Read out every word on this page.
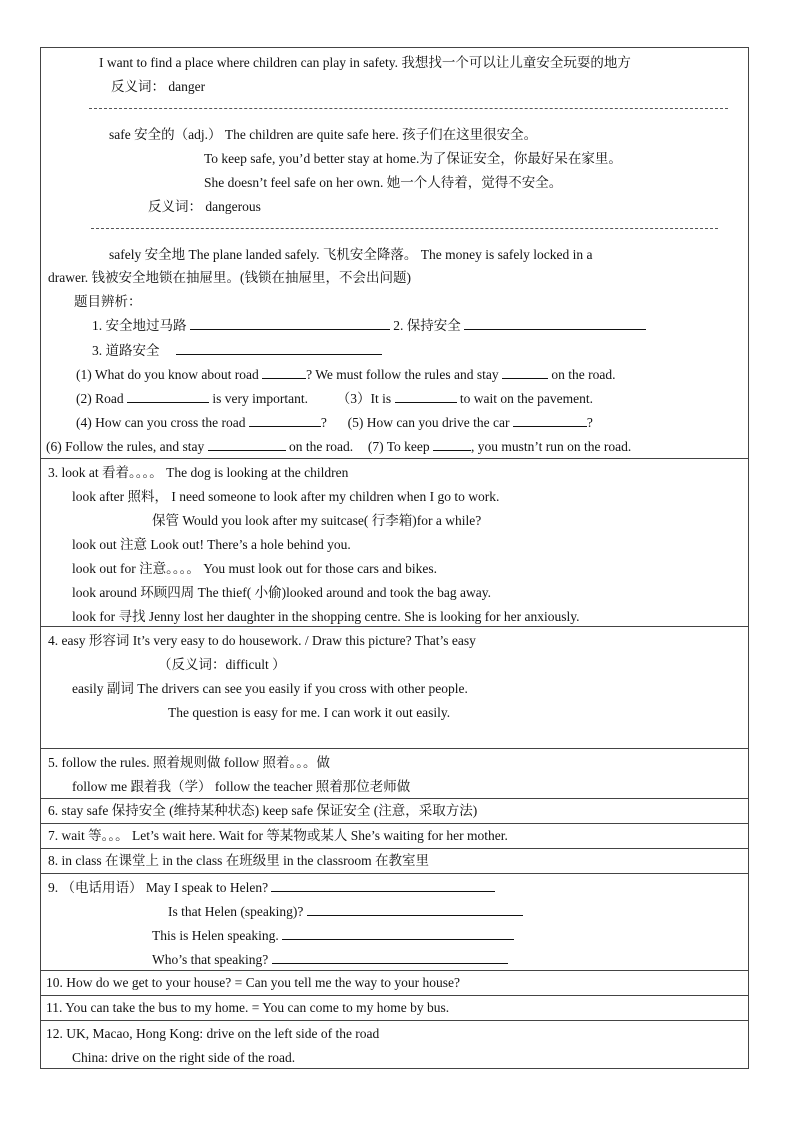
I want to find a place where children can play in safety. 我想找一个可以让儿童安全玩耍的地方
反义词： danger
safe 安全的（adj.） The children are quite safe here. 孩子们在这里很安全。
To keep safe, you’d better stay at home.为了保证安全，你最好呆在家里。
She doesn’t feel safe on her own. 她一个人待着，觉得不安全。
反义词： dangerous
safely 安全地 The plane landed safely. 飞机安全降落。 The money is safely locked in a
drawer. 钱被安全地锁在抽屉里。(钱锁在抽屉里，不会出问题)
题目辨析：
1. 安全地过马路	2. 保持安全
3. 道路安全
(1) What do you know about road	? We must follow the rules and stay	on the road.
(2) Road	is very important. （3）It is	to wait on the pavement.
(4) How can you cross the road	? (5) How can you drive the car	?
(6) Follow the rules, and stay	on the road. (7) To keep	, you mustn’t run on the road.
3. look at 看着。。。。 The dog is looking at the children
look after 照料， I need someone to look after my children when I go to work.
保管 Would you look after my suitcase( 行李箱)for a while?
look out 注意 Look out! There’s a hole behind you.
look out for 注意。。。。 You must look out for those cars and bikes.
look around 环顾四周 The thief( 小偷)looked around and took the bag away.
look for 寻找 Jenny lost her daughter in the shopping centre. She is looking for her anxiously.
4. easy 形容词 It’s very easy to do housework. / Draw this picture? That’s easy
（反义词：difficult ）
easily 副词 The drivers can see you easily if you cross with other people.
The question is easy for me. I can work it out easily.
5. follow the rules. 照着规则做 follow 照着。。。做
follow me 跟着我（学） follow the teacher 照着那位老师做
6. stay safe 保持安全 (维持某种状态) keep safe 保证安全 (注意，采取方法)
7. wait 等。。。 Let’s wait here. Wait for 等某物或某人 She’s waiting for her mother.
8. in class 在课堂上 in the class 在班级里 in the classroom 在教室里
9. （电话用语） May I speak to Helen?
Is that Helen (speaking)?
This is Helen speaking.
Who’s that speaking?
10. How do we get to your house? = Can you tell me the way to your house?
11. You can take the bus to my home. = You can come to my home by bus.
12. UK, Macao, Hong Kong: drive on the left side of the road
China: drive on the right side of the road.
